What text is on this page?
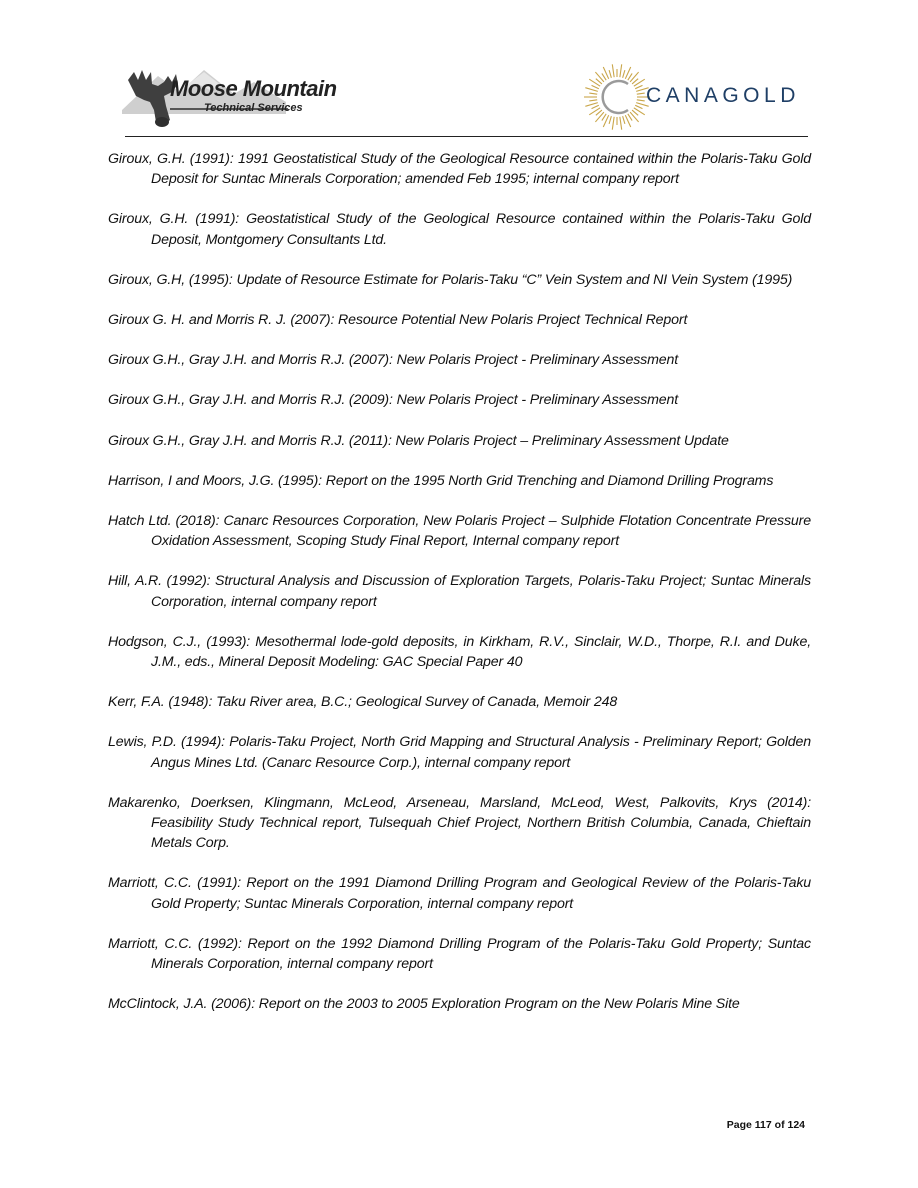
Moose Mountain
Technical Services
CANAGOLD
Giroux, G.H. (1991): 1991 Geostatistical Study of the Geological Resource contained within the Polaris-Taku Gold Deposit for Suntac Minerals Corporation; amended Feb 1995; internal company report
Giroux, G.H. (1991): Geostatistical Study of the Geological Resource contained within the Polaris-Taku Gold Deposit, Montgomery Consultants Ltd.
Giroux, G.H, (1995): Update of Resource Estimate for Polaris-Taku “C” Vein System and NI Vein System (1995)
Giroux G. H. and Morris R. J. (2007): Resource Potential New Polaris Project Technical Report
Giroux G.H., Gray J.H. and Morris R.J. (2007): New Polaris Project - Preliminary Assessment
Giroux G.H., Gray J.H. and Morris R.J. (2009): New Polaris Project - Preliminary Assessment
Giroux G.H., Gray J.H. and Morris R.J. (2011): New Polaris Project – Preliminary Assessment Update
Harrison, I and Moors, J.G. (1995): Report on the 1995 North Grid Trenching and Diamond Drilling Programs
Hatch Ltd. (2018): Canarc Resources Corporation, New Polaris Project – Sulphide Flotation Concentrate Pressure Oxidation Assessment, Scoping Study Final Report, Internal company report
Hill, A.R. (1992): Structural Analysis and Discussion of Exploration Targets, Polaris-Taku Project; Suntac Minerals Corporation, internal company report
Hodgson, C.J., (1993): Mesothermal lode-gold deposits, in Kirkham, R.V., Sinclair, W.D., Thorpe, R.I. and Duke, J.M., eds., Mineral Deposit Modeling: GAC Special Paper 40
Kerr, F.A. (1948): Taku River area, B.C.; Geological Survey of Canada, Memoir 248
Lewis, P.D. (1994): Polaris-Taku Project, North Grid Mapping and Structural Analysis - Preliminary Report; Golden Angus Mines Ltd. (Canarc Resource Corp.), internal company report
Makarenko, Doerksen, Klingmann, McLeod, Arseneau, Marsland, McLeod, West, Palkovits, Krys (2014): Feasibility Study Technical report, Tulsequah Chief Project, Northern British Columbia, Canada, Chieftain Metals Corp.
Marriott, C.C. (1991): Report on the 1991 Diamond Drilling Program and Geological Review of the Polaris-Taku Gold Property; Suntac Minerals Corporation, internal company report
Marriott, C.C. (1992): Report on the 1992 Diamond Drilling Program of the Polaris-Taku Gold Property; Suntac Minerals Corporation, internal company report
McClintock, J.A. (2006): Report on the 2003 to 2005 Exploration Program on the New Polaris Mine Site
Page 117 of 124
